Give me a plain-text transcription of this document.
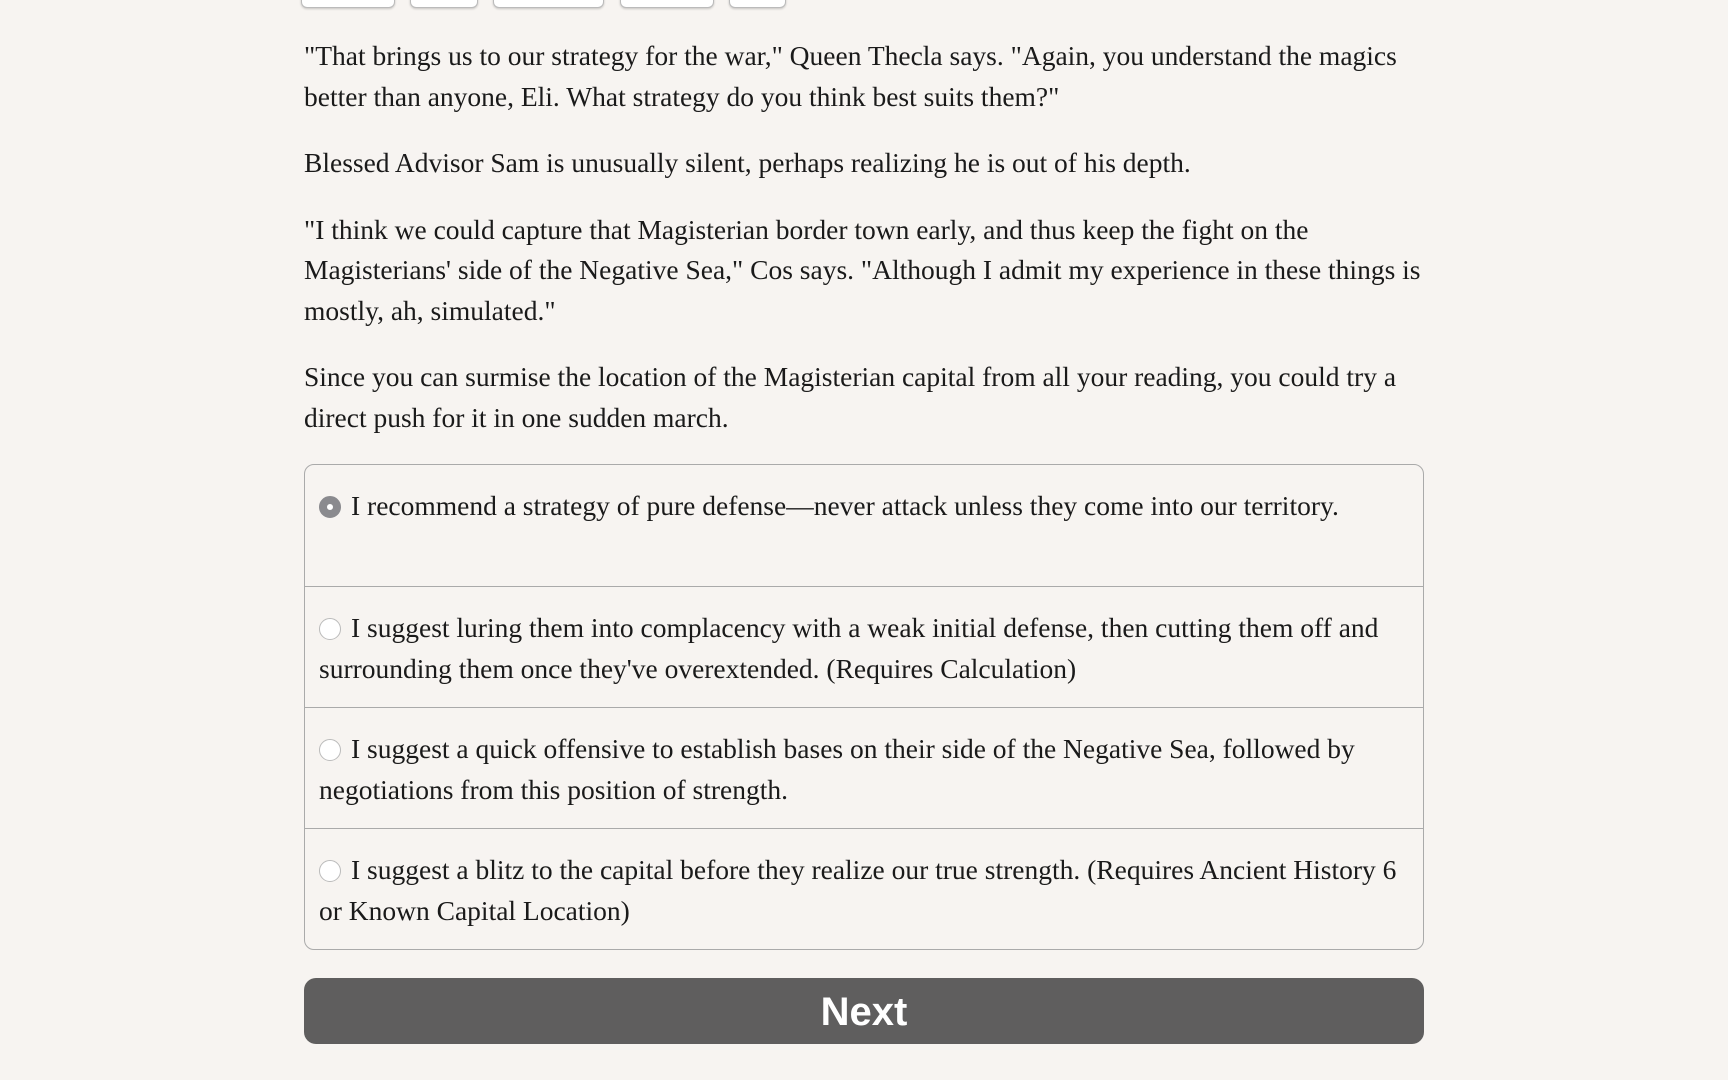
"That brings us to our strategy for the war," Queen Thecla says. "Again, you understand the magics better than anyone, Eli. What strategy do you think best suits them?"

Blessed Advisor Sam is unusually silent, perhaps realizing he is out of his depth.

"I think we could capture that Magisterian border town early, and thus keep the fight on the Magisterians' side of the Negative Sea," Cos says. "Although I admit my experience in these things is mostly, ah, simulated."

Since you can surmise the location of the Magisterian capital from all your reading, you could try a direct push for it in one sudden march.

I recommend a strategy of pure defense—never attack unless they come into our territory.
I suggest luring them into complacency with a weak initial defense, then cutting them off and surrounding them once they've overextended. (Requires Calculation)
I suggest a quick offensive to establish bases on their side of the Negative Sea, followed by negotiations from this position of strength.
I suggest a blitz to the capital before they realize our true strength. (Requires Ancient History 6 or Known Capital Location)
Next
